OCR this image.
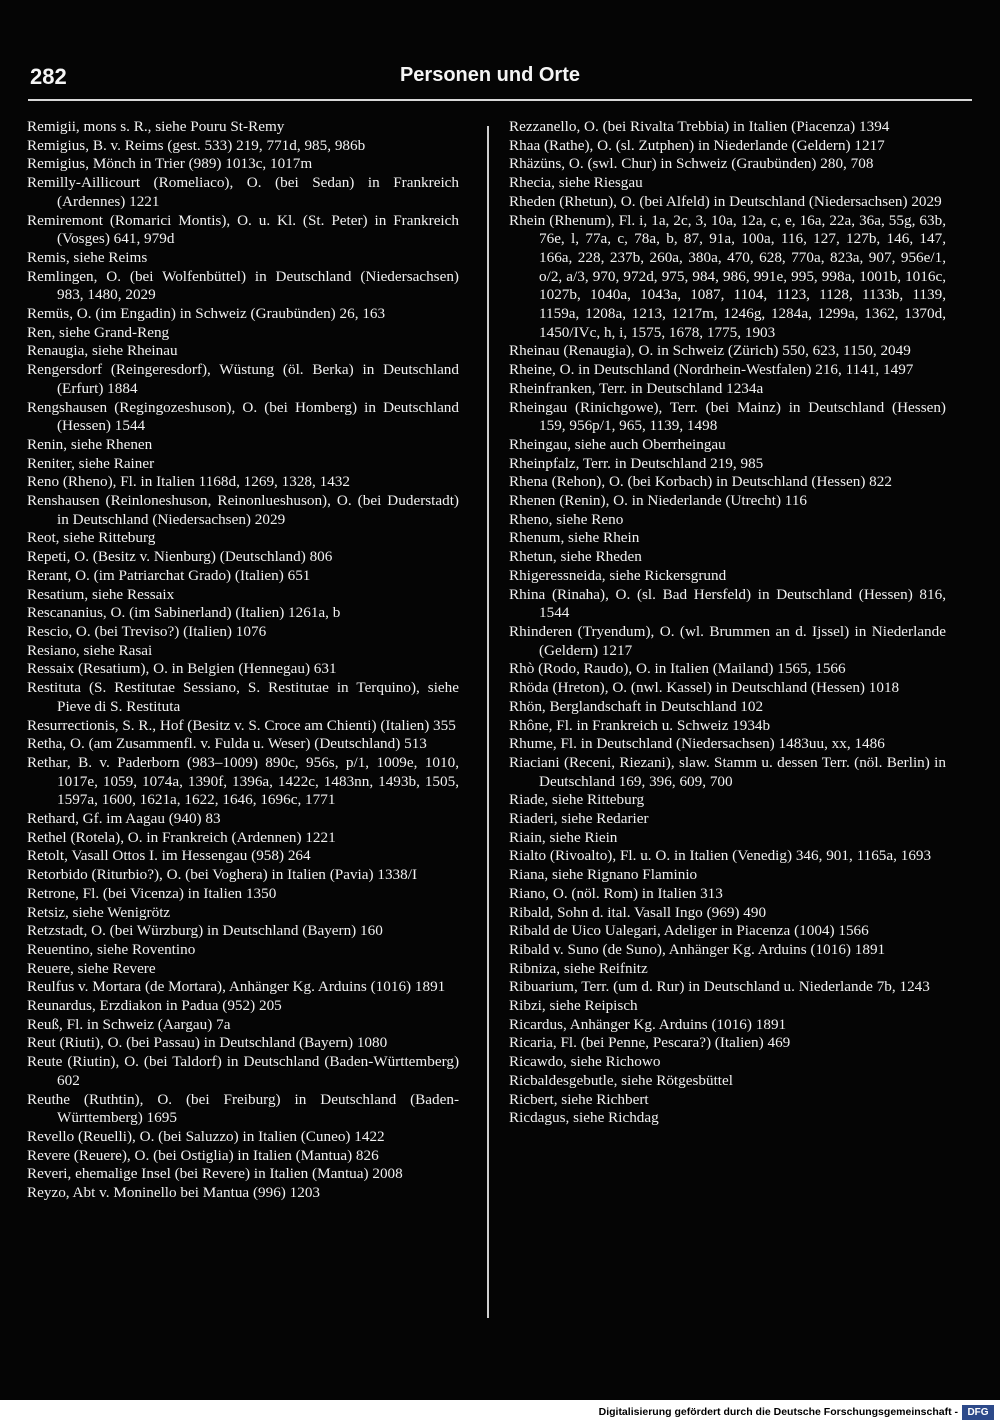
282	Personen und Orte

Remigii, mons s. R., siehe Pouru St-Remy

Remigius, B. v. Reims (gest. 533) 219, 771d, 985, 986b

Remigius, Mönch in Trier (989) 1013c, 1017m

Remilly-Aillicourt (Romeliaco), O. (bei Sedan) in Frankreich (Ardennes) 1221

Remiremont (Romarici Montis), O. u. Kl. (St. Peter) in Frankreich (Vosges) 641, 979d

Remis, siehe Reims

Remlingen, O. (bei Wolfenbüttel) in Deutschland (Niedersachsen) 983, 1480, 2029

Remüs, O. (im Engadin) in Schweiz (Graubünden) 26, 163

Ren, siehe Grand-Reng

Renaugia, siehe Rheinau

Rengersdorf (Reingeresdorf), Wüstung (öl. Berka) in Deutschland (Erfurt) 1884

Rengshausen (Regingozeshuson), O. (bei Homberg) in Deutschland (Hessen) 1544

Renin, siehe Rhenen

Reniter, siehe Rainer

Reno (Rheno), Fl. in Italien 1168d, 1269, 1328, 1432

Renshausen (Reinloneshuson, Reinonlueshuson), O. (bei Duderstadt) in Deutschland (Niedersachsen) 2029

Reot, siehe Ritteburg

Repeti, O. (Besitz v. Nienburg) (Deutschland) 806

Rerant, O. (im Patriarchat Grado) (Italien) 651

Resatium, siehe Ressaix

Rescananius, O. (im Sabinerland) (Italien) 1261a, b

Rescio, O. (bei Treviso?) (Italien) 1076

Resiano, siehe Rasai

Ressaix (Resatium), O. in Belgien (Hennegau) 631

Restituta (S. Restitutae Sessiano, S. Restitutae in Terquino), siehe Pieve di S. Restituta

Resurrectionis, S. R., Hof (Besitz v. S. Croce am Chienti) (Italien) 355

Retha, O. (am Zusammenfl. v. Fulda u. Weser) (Deutschland) 513

Rethar, B. v. Paderborn (983–1009) 890c, 956s, p/1, 1009e, 1010, 1017e, 1059, 1074a, 1390f, 1396a, 1422c, 1483nn, 1493b, 1505, 1597a, 1600, 1621a, 1622, 1646, 1696c, 1771

Rethard, Gf. im Aagau (940) 83

Rethel (Rotela), O. in Frankreich (Ardennen) 1221

Retolt, Vasall Ottos I. im Hessengau (958) 264

Retorbido (Riturbio?), O. (bei Voghera) in Italien (Pavia) 1338/I

Retrone, Fl. (bei Vicenza) in Italien 1350

Retsiz, siehe Wenigrötz

Retzstadt, O. (bei Würzburg) in Deutschland (Bayern) 160

Reuentino, siehe Roventino

Reuere, siehe Revere

Reulfus v. Mortara (de Mortara), Anhänger Kg. Arduins (1016) 1891

Reunardus, Erzdiakon in Padua (952) 205

Reuß, Fl. in Schweiz (Aargau) 7a

Reut (Riuti), O. (bei Passau) in Deutschland (Bayern) 1080

Reute (Riutin), O. (bei Taldorf) in Deutschland (Baden-Württemberg) 602

Reuthe (Ruthtin), O. (bei Freiburg) in Deutschland (Baden-Württemberg) 1695

Revello (Reuelli), O. (bei Saluzzo) in Italien (Cuneo) 1422

Revere (Reuere), O. (bei Ostiglia) in Italien (Mantua) 826

Reveri, ehemalige Insel (bei Revere) in Italien (Mantua) 2008

Reyzo, Abt v. Moninello bei Mantua (996) 1203

Rezzanello, O. (bei Rivalta Trebbia) in Italien (Piacenza) 1394

Rhaa (Rathe), O. (sl. Zutphen) in Niederlande (Geldern) 1217

Rhäzüns, O. (swl. Chur) in Schweiz (Graubünden) 280, 708

Rhecia, siehe Riesgau

Rheden (Rhetun), O. (bei Alfeld) in Deutschland (Niedersachsen) 2029

Rhein (Rhenum), Fl. i, 1a, 2c, 3, 10a, 12a, c, e, 16a, 22a, 36a, 55g, 63b, 76e, l, 77a, c, 78a, b, 87, 91a, 100a, 116, 127, 127b, 146, 147, 166a, 228, 237b, 260a, 380a, 470, 628, 770a, 823a, 907, 956e/1, o/2, a/3, 970, 972d, 975, 984, 986, 991e, 995, 998a, 1001b, 1016c, 1027b, 1040a, 1043a, 1087, 1104, 1123, 1128, 1133b, 1139, 1159a, 1208a, 1213, 1217m, 1246g, 1284a, 1299a, 1362, 1370d, 1450/IVc, h, i, 1575, 1678, 1775, 1903

Rheinau (Renaugia), O. in Schweiz (Zürich) 550, 623, 1150, 2049

Rheine, O. in Deutschland (Nordrhein-Westfalen) 216, 1141, 1497

Rheinfranken, Terr. in Deutschland 1234a

Rheingau (Rinichgowe), Terr. (bei Mainz) in Deutschland (Hessen) 159, 956p/1, 965, 1139, 1498

Rheingau, siehe auch Oberrheingau

Rheinpfalz, Terr. in Deutschland 219, 985

Rhena (Rehon), O. (bei Korbach) in Deutschland (Hessen) 822

Rhenen (Renin), O. in Niederlande (Utrecht) 116

Rheno, siehe Reno

Rhenum, siehe Rhein

Rhetun, siehe Rheden

Rhigeressneida, siehe Rickersgrund

Rhina (Rinaha), O. (sl. Bad Hersfeld) in Deutschland (Hessen) 816, 1544

Rhinderen (Tryendum), O. (wl. Brummen an d. Ijssel) in Niederlande (Geldern) 1217

Rhò (Rodo, Raudo), O. in Italien (Mailand) 1565, 1566

Rhöda (Hreton), O. (nwl. Kassel) in Deutschland (Hessen) 1018

Rhön, Berglandschaft in Deutschland 102

Rhône, Fl. in Frankreich u. Schweiz 1934b

Rhume, Fl. in Deutschland (Niedersachsen) 1483uu, xx, 1486

Riaciani (Receni, Riezani), slaw. Stamm u. dessen Terr. (nöl. Berlin) in Deutschland 169, 396, 609, 700

Riade, siehe Ritteburg

Riaderi, siehe Redarier

Riain, siehe Riein

Rialto (Rivoalto), Fl. u. O. in Italien (Venedig) 346, 901, 1165a, 1693

Riana, siehe Rignano Flaminio

Riano, O. (nöl. Rom) in Italien 313

Ribald, Sohn d. ital. Vasall Ingo (969) 490

Ribald de Uico Ualegari, Adeliger in Piacenza (1004) 1566

Ribald v. Suno (de Suno), Anhänger Kg. Arduins (1016) 1891

Ribniza, siehe Reifnitz

Ribuarium, Terr. (um d. Rur) in Deutschland u. Niederlande 7b, 1243

Ribzi, siehe Reipisch

Ricardus, Anhänger Kg. Arduins (1016) 1891

Ricaria, Fl. (bei Penne, Pescara?) (Italien) 469

Ricawdo, siehe Richowo

Ricbaldesgebutle, siehe Rötgesbüttel

Ricbert, siehe Richbert

Ricdagus, siehe Richdag

Digitalisierung gefördert durch die Deutsche Forschungsgemeinschaft - DFG
